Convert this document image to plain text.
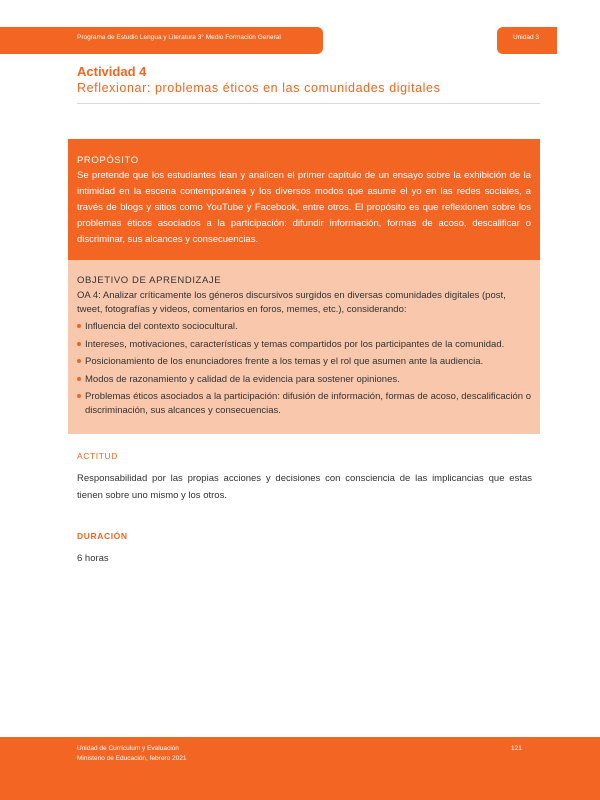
Programa de Estudio Lengua y Literatura 3° Medio Formación General	Unidad 3
Actividad 4
Reflexionar: problemas éticos en las comunidades digitales
PROPÓSITO
Se pretende que los estudiantes lean y analicen el primer capítulo de un ensayo sobre la exhibición de la intimidad en la escena contemporánea y los diversos modos que asume el yo en las redes sociales, a través de blogs y sitios como YouTube y Facebook, entre otros. El propósito es que reflexionen sobre los problemas éticos asociados a la participación: difundir información, formas de acoso, descalificar o discriminar, sus alcances y consecuencias.
OBJETIVO DE APRENDIZAJE
OA 4: Analizar críticamente los géneros discursivos surgidos en diversas comunidades digitales (post, tweet, fotografías y videos, comentarios en foros, memes, etc.), considerando:
Influencia del contexto sociocultural.
Intereses, motivaciones, características y temas compartidos por los participantes de la comunidad.
Posicionamiento de los enunciadores frente a los temas y el rol que asumen ante la audiencia.
Modos de razonamiento y calidad de la evidencia para sostener opiniones.
Problemas éticos asociados a la participación: difusión de información, formas de acoso, descalificación o discriminación, sus alcances y consecuencias.
ACTITUD
Responsabilidad por las propias acciones y decisiones con consciencia de las implicancias que estas tienen sobre uno mismo y los otros.
DURACIÓN
6 horas
Unidad de Currículum y Evaluación
Ministerio de Educación, febrero 2021
121
